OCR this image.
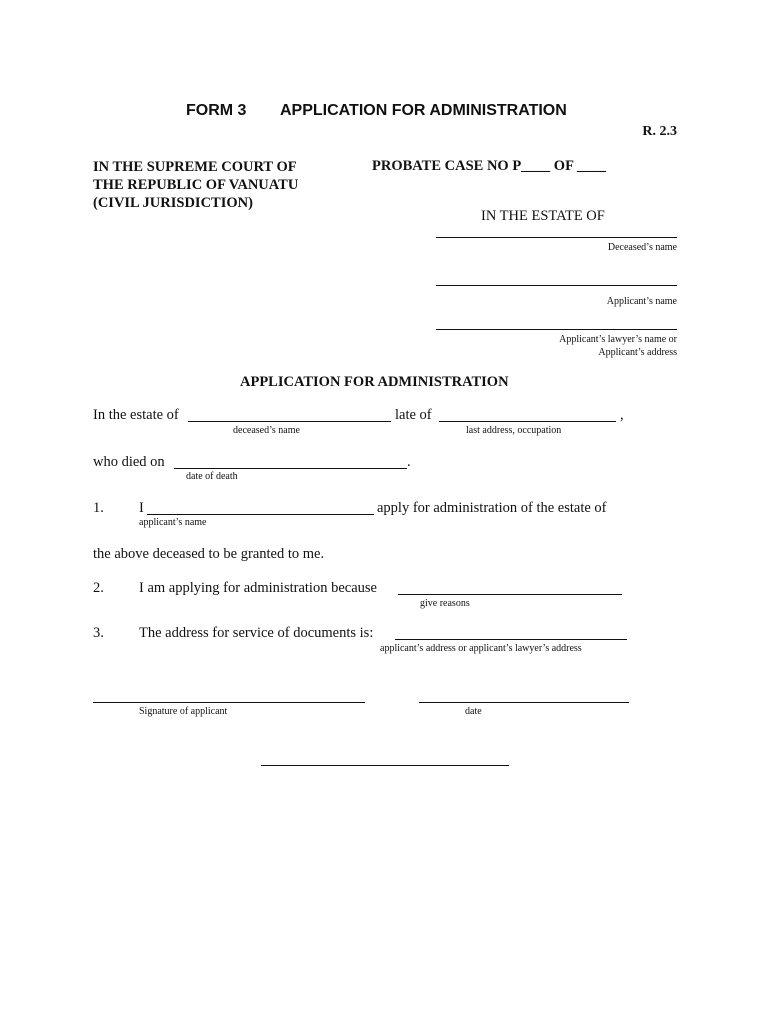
FORM 3 APPLICATION FOR ADMINISTRATION
R. 2.3
IN THE SUPREME COURT OF
THE REPUBLIC OF VANUATU
(CIVIL JURISDICTION)
PROBATE CASE NO P____ OF ____
IN THE ESTATE OF
Deceased’s name
Applicant’s name
Applicant’s lawyer’s name or
Applicant’s address
APPLICATION FOR ADMINISTRATION
In the estate of	late of	,
deceased’s name	last address, occupation
who died on	.
date of death
1. I	apply for administration of the estate of
applicant’s name
the above deceased to be granted to me.
2. I am applying for administration because
give reasons
3. The address for service of documents is:
applicant’s address or applicant’s lawyer’s address
Signature of applicant	date
